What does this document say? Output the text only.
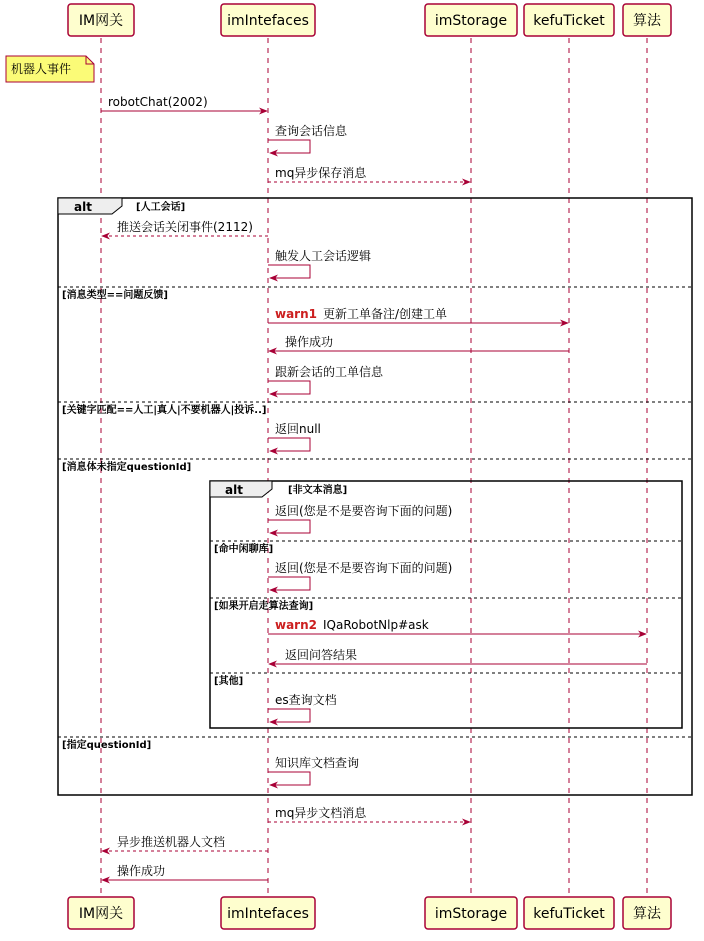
IM网关	imIntefaces	imStorage kefuTicket 算法
IM网关	imIntefaces	imStorage kefuTicket 算法
机器人事件
alt	[人工会话]
[消息类型==问题反馈]
[关键字匹配==人工|真人|不要机器人|投诉..]
[消息体未指定questionId]
[指定questionId]
alt	[非文本消息]
[命中闲聊库]
[如果开启走算法查询]
[其他]
robotChat(2002)
查询会话信息
mq异步保存消息
推送会话关闭事件(2112)
触发人工会话逻辑
warn1 更新工单备注/创建工单
操作成功
跟新会话的工单信息
返回null
返回(您是不是要咨询下面的问题)
返回(您是不是要咨询下面的问题)
warn2 IQaRobotNlp#ask
返回问答结果
es查询文档
知识库文档查询
mq异步文档消息
异步推送机器人文档
操作成功
